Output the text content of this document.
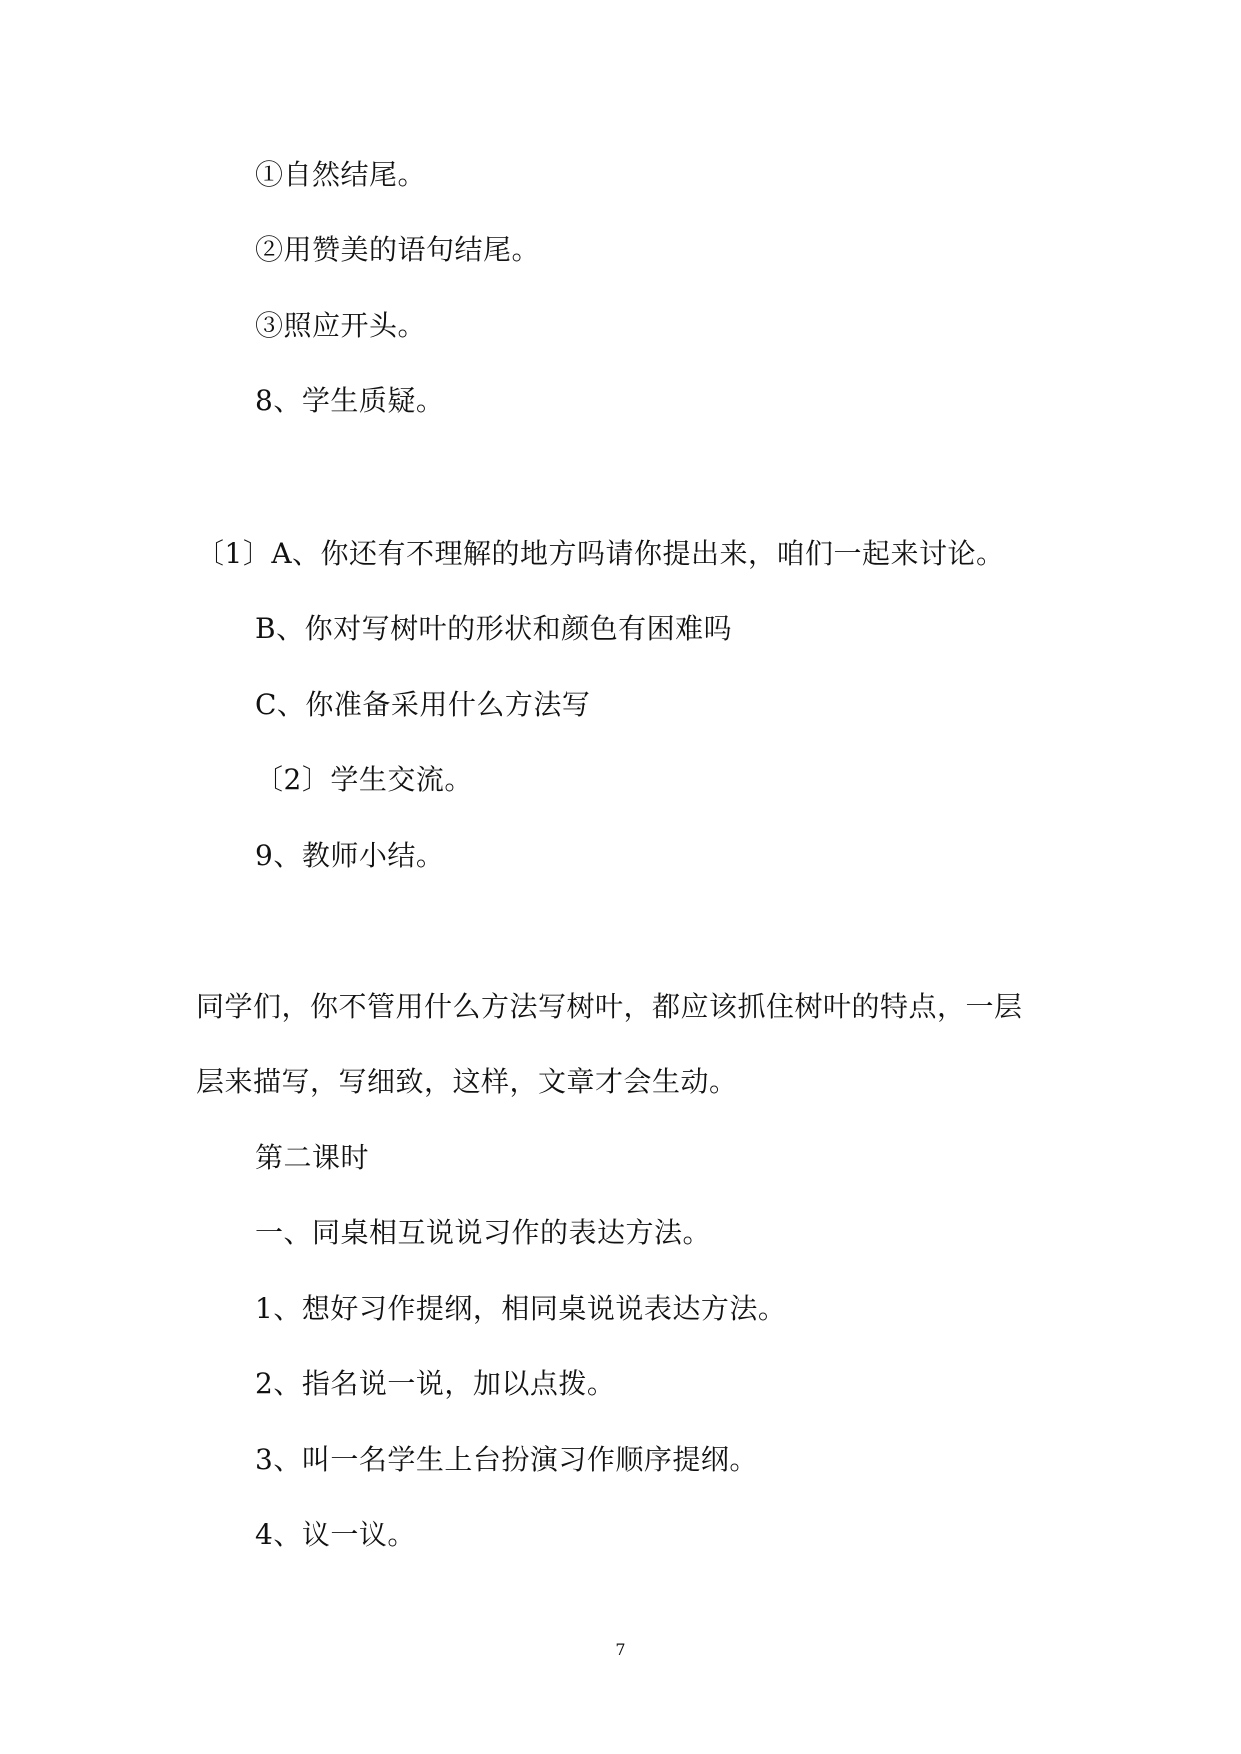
①自然结尾。
②用赞美的语句结尾。
③照应开头。
8、学生质疑。
〔1〕A、你还有不理解的地方吗请你提出来，咱们一起来讨论。
B、你对写树叶的形状和颜色有困难吗
C、你准备采用什么方法写
〔2〕学生交流。
9、教师小结。
同学们，你不管用什么方法写树叶，都应该抓住树叶的特点，一层
层来描写，写细致，这样，文章才会生动。
第二课时
一、同桌相互说说习作的表达方法。
1、想好习作提纲，相同桌说说表达方法。
2、指名说一说，加以点拨。
3、叫一名学生上台扮演习作顺序提纲。
4、议一议。
7
